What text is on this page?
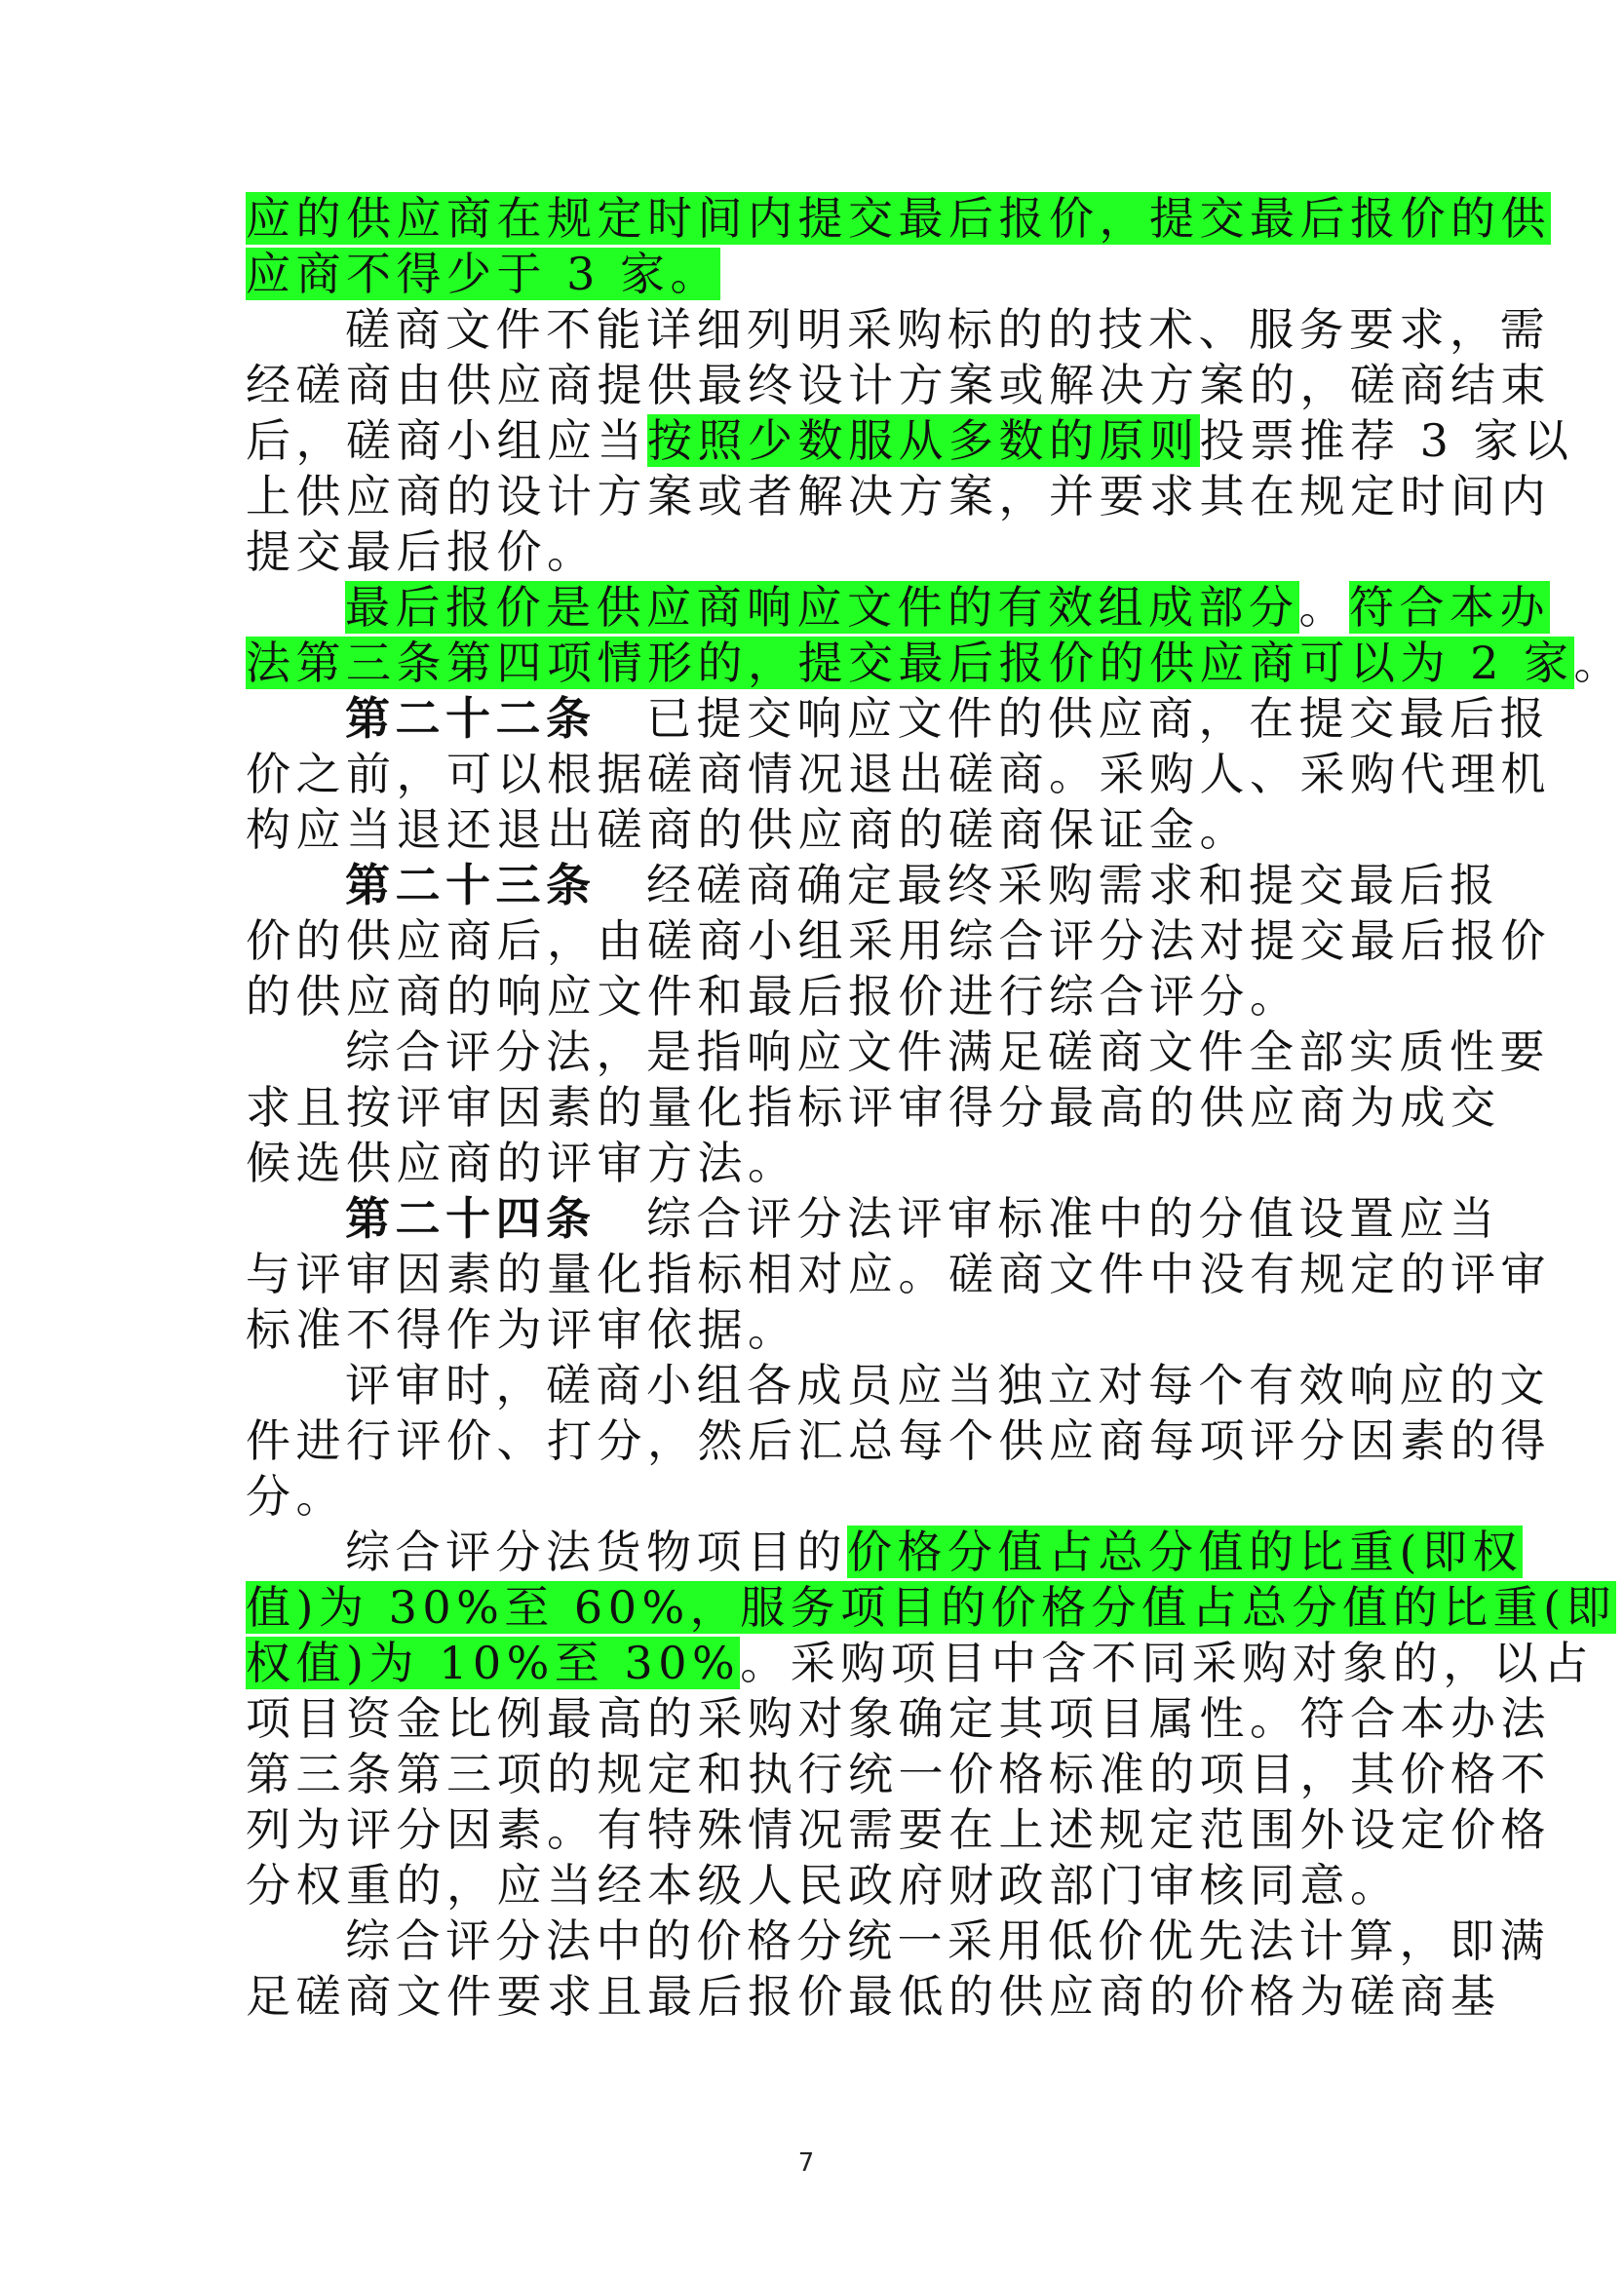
应的供应商在规定时间内提交最后报价，提交最后报价的供
应商不得少于 3 家。
磋商文件不能详细列明采购标的的技术、服务要求，需
经磋商由供应商提供最终设计方案或解决方案的，磋商结束
后，磋商小组应当按照少数服从多数的原则投票推荐 3 家以
上供应商的设计方案或者解决方案，并要求其在规定时间内
提交最后报价。
最后报价是供应商响应文件的有效组成部分。符合本办
法第三条第四项情形的，提交最后报价的供应商可以为 2 家。
第二十二条　已提交响应文件的供应商，在提交最后报
价之前，可以根据磋商情况退出磋商。采购人、采购代理机
构应当退还退出磋商的供应商的磋商保证金。
第二十三条　经磋商确定最终采购需求和提交最后报
价的供应商后，由磋商小组采用综合评分法对提交最后报价
的供应商的响应文件和最后报价进行综合评分。
综合评分法，是指响应文件满足磋商文件全部实质性要
求且按评审因素的量化指标评审得分最高的供应商为成交
候选供应商的评审方法。
第二十四条　综合评分法评审标准中的分值设置应当
与评审因素的量化指标相对应。磋商文件中没有规定的评审
标准不得作为评审依据。
评审时，磋商小组各成员应当独立对每个有效响应的文
件进行评价、打分，然后汇总每个供应商每项评分因素的得
分。
综合评分法货物项目的价格分值占总分值的比重(即权
值)为 30%至 60%，服务项目的价格分值占总分值的比重(即
权值)为 10%至 30%。采购项目中含不同采购对象的，以占
项目资金比例最高的采购对象确定其项目属性。符合本办法
第三条第三项的规定和执行统一价格标准的项目，其价格不
列为评分因素。有特殊情况需要在上述规定范围外设定价格
分权重的，应当经本级人民政府财政部门审核同意。
综合评分法中的价格分统一采用低价优先法计算，即满
足磋商文件要求且最后报价最低的供应商的价格为磋商基
7
